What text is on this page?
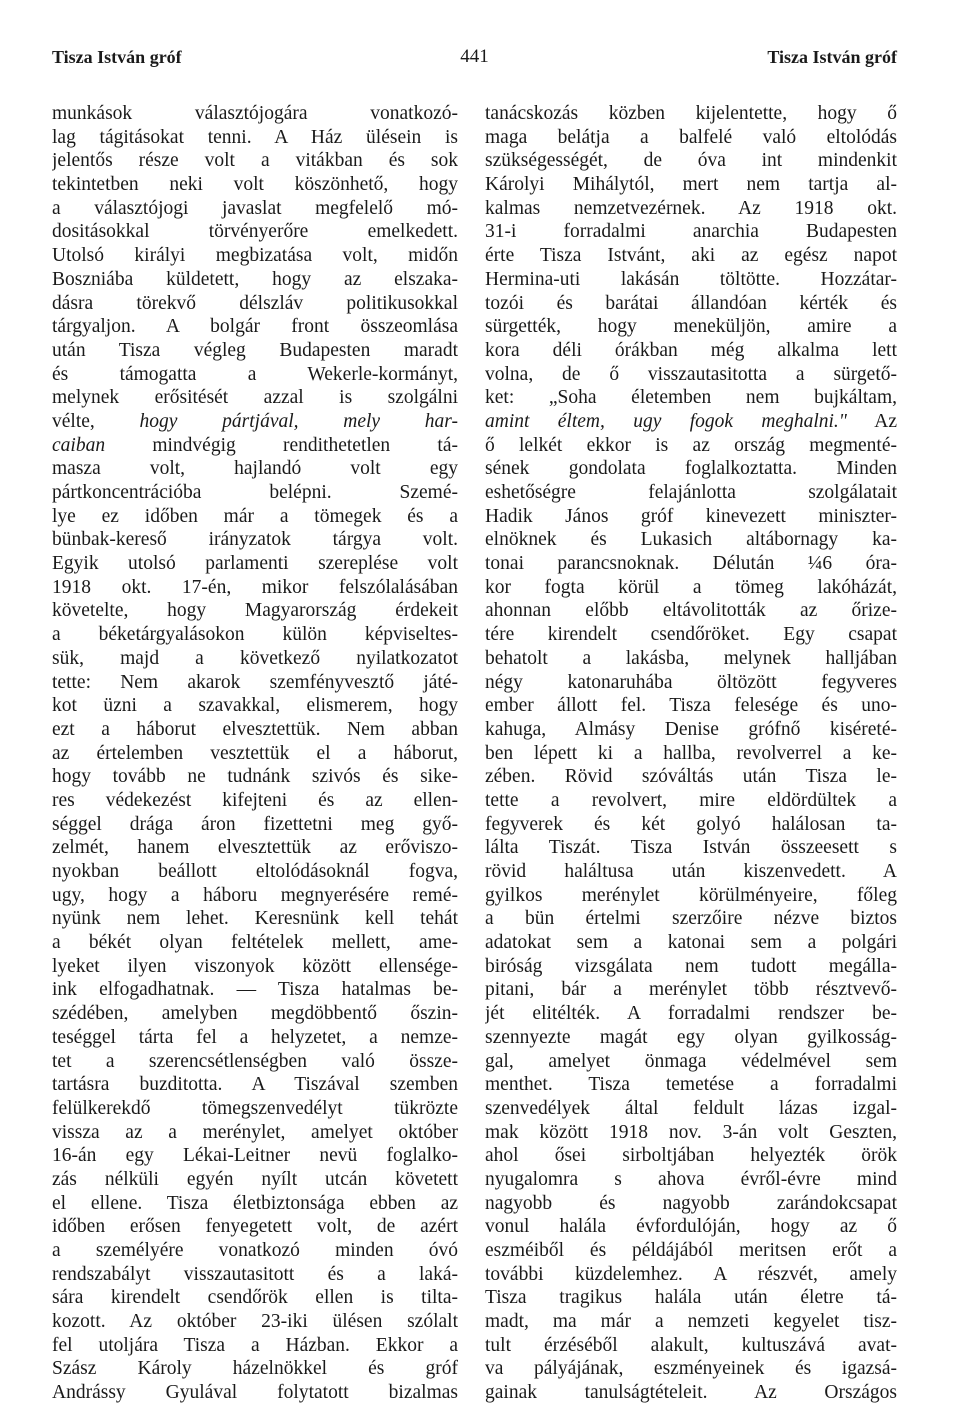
Tisza István gróf	441	Tisza István gróf
munkások választójogára vonatkozó-
lag tágitásokat tenni. A Ház ülésein is
jelentős része volt a vitákban és sok
tekintetben neki volt köszönhető, hogy
a választójogi javaslat megfelelő mó-
dositásokkal törvényerőre emelkedett.
Utolsó királyi megbizatása volt, midőn
Boszniába küldetett, hogy az elszaka-
dásra törekvő délszláv politikusokkal
tárgyaljon. A bolgár front összeomlása
után Tisza végleg Budapesten maradt
és támogatta a Wekerle-kormányt,
melynek erősitését azzal is szolgálni
vélte, hogy pártjával, mely har-
caiban mindvégig rendithetetlen tá-
masza volt, hajlandó volt egy
pártkoncentrációba belépni. Szemé-
lye ez időben már a tömegek és a
bünbak-kereső irányzatok tárgya volt.
Egyik utolsó parlamenti szereplése volt
1918 okt. 17-én, mikor felszólalásában
követelte, hogy Magyarország érdekeit
a béketárgyalásokon külön képviseltes-
sük, majd a következő nyilatkozatot
tette: Nem akarok szemfényvesztő játé-
kot üzni a szavakkal, elismerem, hogy
ezt a háborut elvesztettük. Nem abban
az értelemben vesztettük el a háborut,
hogy tovább ne tudnánk szivós és sike-
res védekezést kifejteni és az ellen-
séggel drága áron fizettetni meg győ-
zelmét, hanem elvesztettük az erőviszo-
nyokban beállott eltolódásoknál fogva,
ugy, hogy a háboru megnyerésére remé-
nyünk nem lehet. Keresnünk kell tehát
a békét olyan feltételek mellett, ame-
lyeket ilyen viszonyok között ellensége-
ink elfogadhatnak. — Tisza hatalmas be-
szédében, amelyben megdöbbentő őszin-
teséggel tárta fel a helyzetet, a nemze-
tet a szerencsétlenségben való össze-
tartásra buzditotta. A Tiszával szemben
felülkerekdő tömegszenvedélyt tükrözte
vissza az a merénylet, amelyet október
16-án egy Lékai-Leitner nevü foglalko-
zás nélküli egyén nyílt utcán követett
el ellene. Tisza életbiztonsága ebben az
időben erősen fenyegetett volt, de azért
a személyére vonatkozó minden óvó
rendszabályt visszautasitott és a laká-
sára kirendelt csendőrök ellen is tilta-
kozott. Az október 23-iki ülésen szólalt
fel utoljára Tisza a Házban. Ekkor a
Szász Károly házelnökkel és gróf
Andrássy Gyulával folytatott bizalmas
tanácskozás közben kijelentette, hogy ő
maga belátja a balfelé való eltolódás
szükségességét, de óva int mindenkit
Károlyi Mihálytól, mert nem tartja al-
kalmas nemzetvezérnek. Az 1918 okt.
31-i forradalmi anarchia Budapesten
érte Tisza Istvánt, aki az egész napot
Hermina-uti lakásán töltötte. Hozzátar-
tozói és barátai állandóan kérték és
sürgették, hogy meneküljön, amire a
kora déli órákban még alkalma lett
volna, de ő visszautasitotta a sürgető-
ket: „Soha életemben nem bujkáltam,
amint éltem, ugy fogok meghalni." Az
ő lelkét ekkor is az ország megmenté-
sének gondolata foglalkoztatta. Minden
eshetőségre felajánlotta szolgálatait
Hadik János gróf kinevezett miniszter-
elnöknek és Lukasich altábornagy ka-
tonai parancsnoknak. Délután ¼6 óra-
kor fogta körül a tömeg lakóházát,
ahonnan előbb eltávolitották az őrize-
tére kirendelt csendőröket. Egy csapat
behatolt a lakásba, melynek halljában
négy katonaruhába öltözött fegyveres
ember állott fel. Tisza felesége és uno-
kahuga, Almásy Denise grófnő kiséreté-
ben lépett ki a hallba, revolverrel a ke-
zében. Rövid szóváltás után Tisza le-
tette a revolvert, mire eldördültek a
fegyverek és két golyó halálosan ta-
lálta Tiszát. Tisza István összeesett s
rövid haláltusa után kiszenvedett. A
gyilkos merénylet körülményeire, főleg
a bün értelmi szerzőire nézve biztos
adatokat sem a katonai sem a polgári
biróság vizsgálata nem tudott megálla-
pitani, bár a merénylet több résztvevő-
jét elitélték. A forradalmi rendszer be-
szennyezte magát egy olyan gyilkosság-
gal, amelyet önmaga védelmével sem
menthet. Tisza temetése a forradalmi
szenvedélyek által feldult lázas izgal-
mak között 1918 nov. 3-án volt Geszten,
ahol ősei sirboltjában helyezték örök
nyugalomra s ahova évről-évre mind
nagyobb és nagyobb zarándokcsapat
vonul halála évfordulóján, hogy az ő
eszméiből és példájából meritsen erőt a
további küzdelemhez. A részvét, amely
Tisza tragikus halála után életre tá-
madt, ma már a nemzeti kegyelet tisz-
tult érzéséből alakult, kultuszává avat-
va pályájának, eszményeinek és igazsá-
gainak tanulságtételeit. Az Országos
